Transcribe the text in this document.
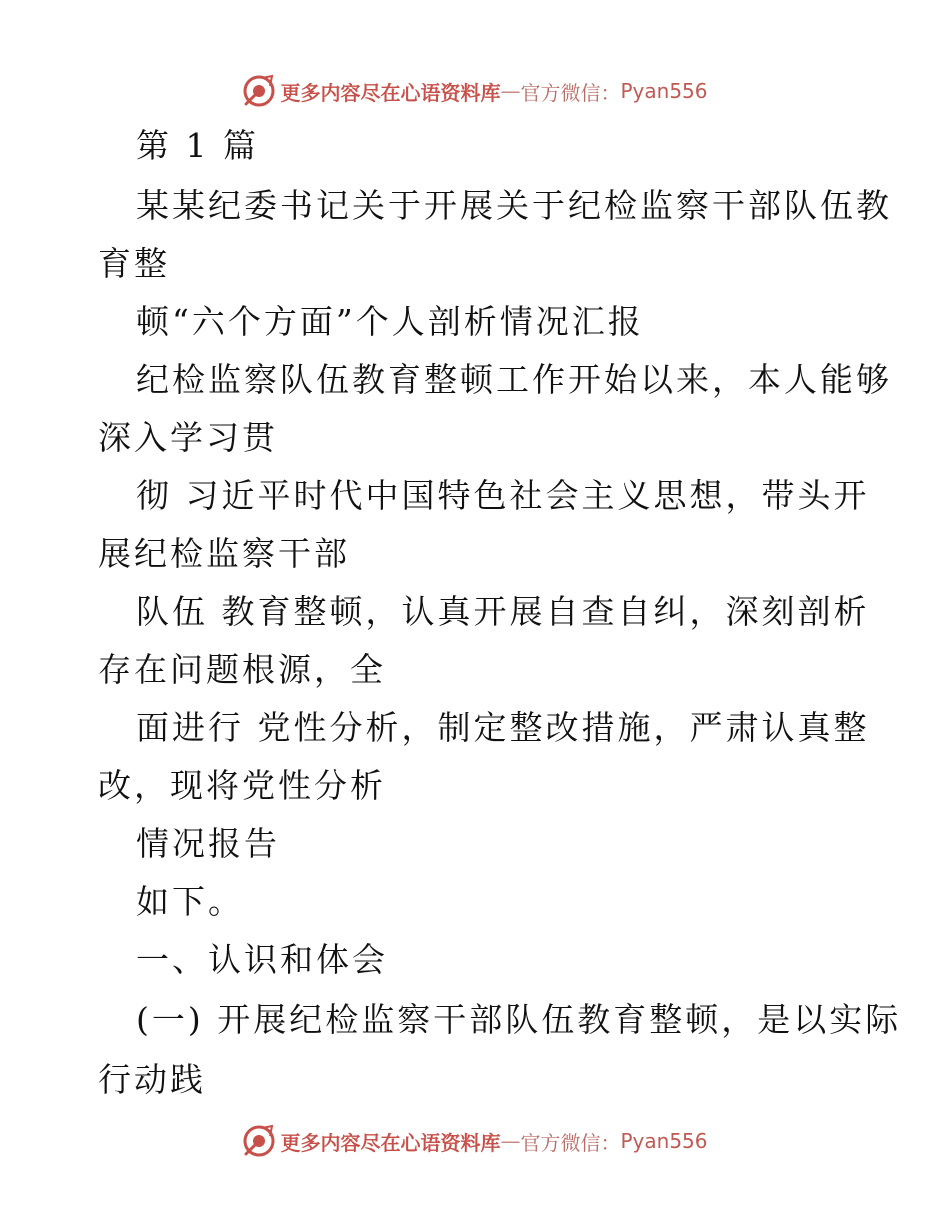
更多内容尽在心语资料库 — 官方微信： Pyan556
第 1 篇
某某纪委书记关于开展关于纪检监察干部队伍教
育整
顿“六个方面”个人剖析情况汇报
纪检监察队伍教育整顿工作开始以来，本人能够
深入学习贯
彻 习近平时代中国特色社会主义思想，带头开
展纪检监察干部
队伍 教育整顿，认真开展自查自纠，深刻剖析
存在问题根源，全
面进行 党性分析，制定整改措施，严肃认真整
改，现将党性分析
情况报告
如下。
一、认识和体会
(一) 开展纪检监察干部队伍教育整顿，是以实际
行动践
更多内容尽在心语资料库 — 官方微信： Pyan556
